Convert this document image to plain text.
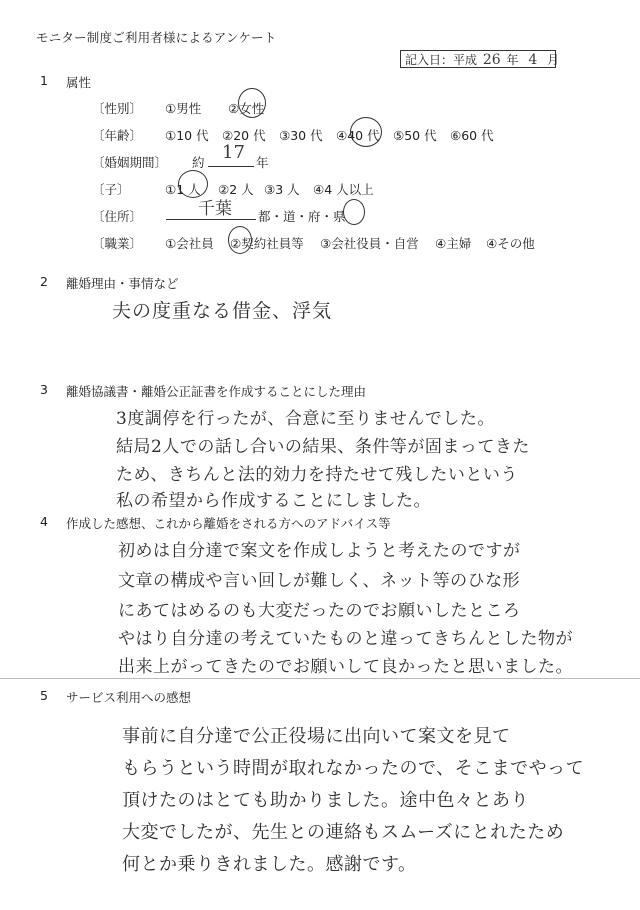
モニター制度ご利用者様によるアンケート
記入日：平成 26 年 4 月
1 属性
〔性別〕 ①男性 ②女性
〔年齢〕 ①10 代 ②20 代 ③30 代 ④40 代 ⑤50 代 ⑥60 代
〔婚姻期間〕 約 17 年
〔子〕	①1 人 ②2 人 ③3 人 ④4 人以上
〔住所〕	千葉 都・道・府・県
〔職業〕 ①会社員 ②契約社員等 ③会社役員・自営 ④主婦 ④その他
2 離婚理由・事情など
夫の度重なる借金、浮気
3 離婚協議書・離婚公正証書を作成することにした理由
3度調停を行ったが、合意に至りませんでした。
結局2人での話し合いの結果、条件等が固まってきた
ため、きちんと法的効力を持たせて残したいという
私の希望から作成することにしました。
4 作成した感想、これから離婚をされる方へのアドバイス等
初めは自分達で案文を作成しようと考えたのですが
文章の構成や言い回しが難しく、ネット等のひな形
にあてはめるのも大変だったのでお願いしたところ
やはり自分達の考えていたものと違ってきちんとした物が
出来上がってきたのでお願いして良かったと思いました。
5 サービス利用への感想
事前に自分達で公正役場に出向いて案文を見て
もらうという時間が取れなかったので、そこまでやって
頂けたのはとても助かりました。途中色々とあり
大変でしたが、先生との連絡もスムーズにとれたため
何とか乗りきれました。感謝です。
